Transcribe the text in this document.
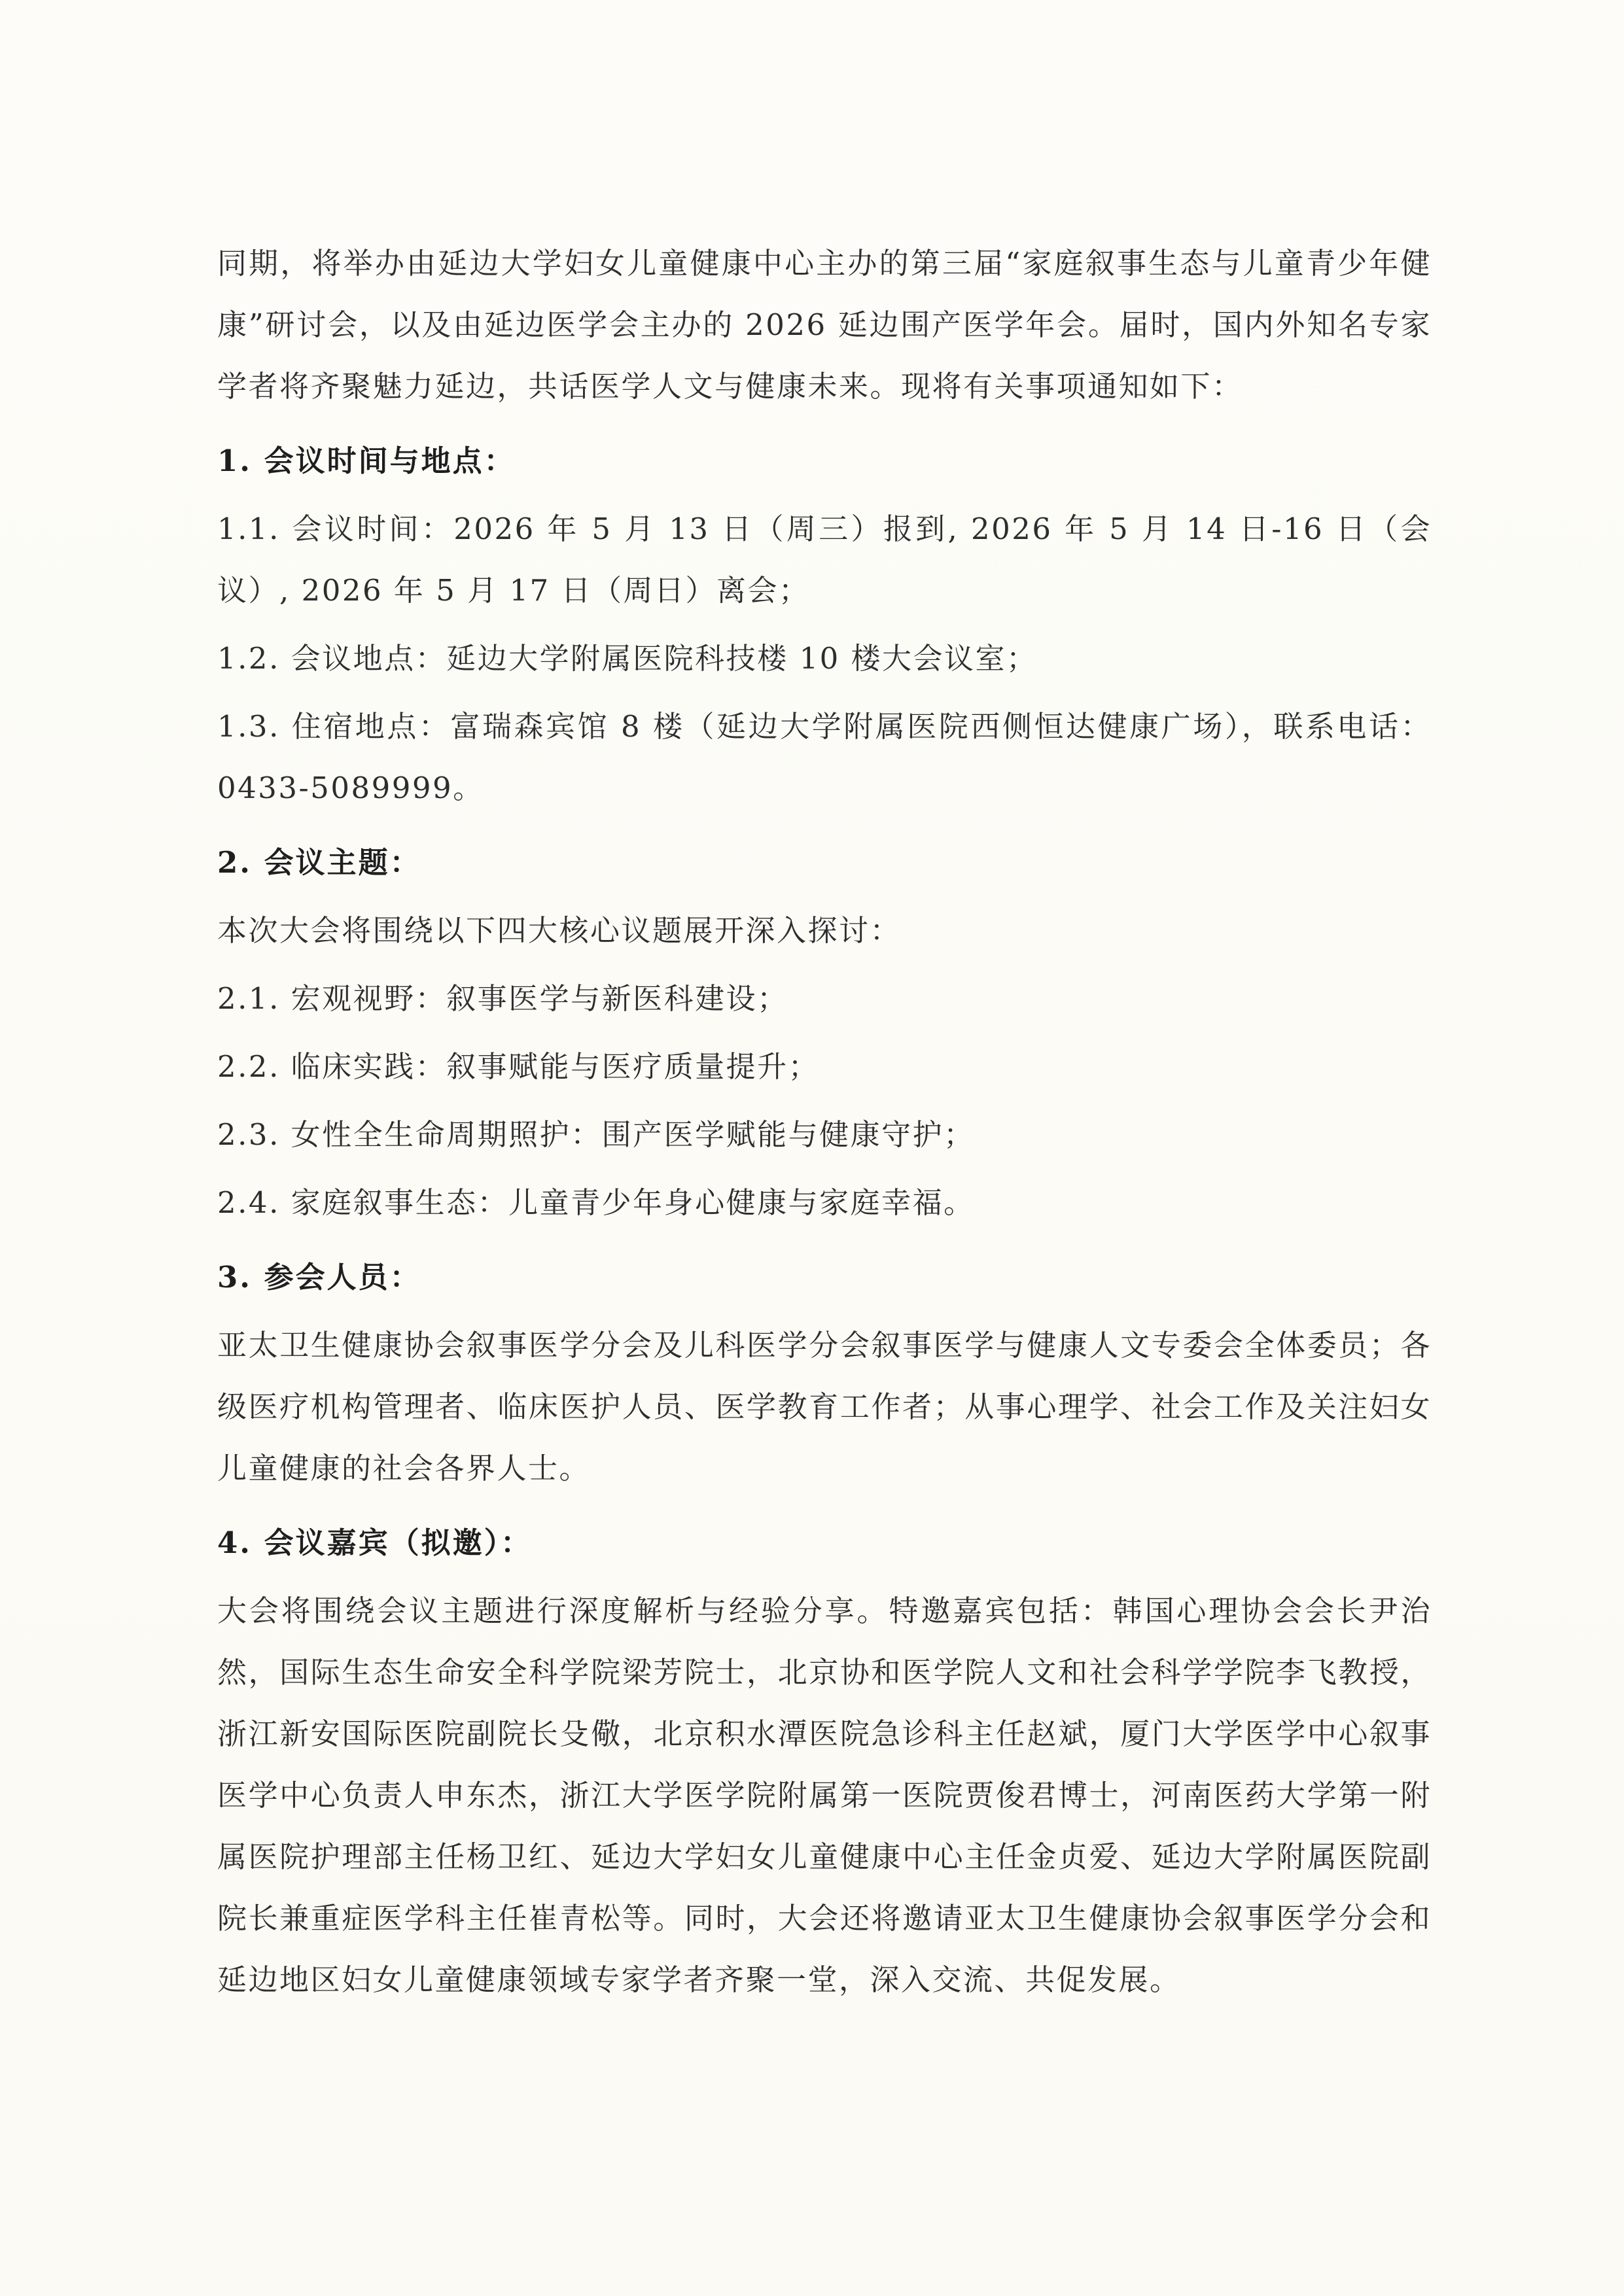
同期，将举办由延边大学妇女儿童健康中心主办的第三届“家庭叙事生态与儿童青少年健康”研讨会，以及由延边医学会主办的 2026 延边围产医学年会。届时，国内外知名专家学者将齐聚魅力延边，共话医学人文与健康未来。现将有关事项通知如下：

1. 会议时间与地点：

1.1. 会议时间：2026 年 5 月 13 日（周三）报到, 2026 年 5 月 14 日-16 日（会议）, 2026 年 5 月 17 日（周日）离会；

1.2. 会议地点：延边大学附属医院科技楼 10 楼大会议室；

1.3. 住宿地点：富瑞森宾馆 8 楼（延边大学附属医院西侧恒达健康广场），联系电话：0433-5089999。

2. 会议主题：

本次大会将围绕以下四大核心议题展开深入探讨：

2.1. 宏观视野：叙事医学与新医科建设；

2.2. 临床实践：叙事赋能与医疗质量提升；

2.3. 女性全生命周期照护：围产医学赋能与健康守护；

2.4. 家庭叙事生态：儿童青少年身心健康与家庭幸福。

3. 参会人员：

亚太卫生健康协会叙事医学分会及儿科医学分会叙事医学与健康人文专委会全体委员；各级医疗机构管理者、临床医护人员、医学教育工作者；从事心理学、社会工作及关注妇女儿童健康的社会各界人士。

4. 会议嘉宾（拟邀）：

大会将围绕会议主题进行深度解析与经验分享。特邀嘉宾包括：韩国心理协会会长尹治然，国际生态生命安全科学院梁芳院士，北京协和医学院人文和社会科学学院李飞教授，浙江新安国际医院副院长殳儆，北京积水潭医院急诊科主任赵斌，厦门大学医学中心叙事医学中心负责人申东杰，浙江大学医学院附属第一医院贾俊君博士，河南医药大学第一附属医院护理部主任杨卫红、延边大学妇女儿童健康中心主任金贞爱、延边大学附属医院副院长兼重症医学科主任崔青松等。同时，大会还将邀请亚太卫生健康协会叙事医学分会和延边地区妇女儿童健康领域专家学者齐聚一堂，深入交流、共促发展。
